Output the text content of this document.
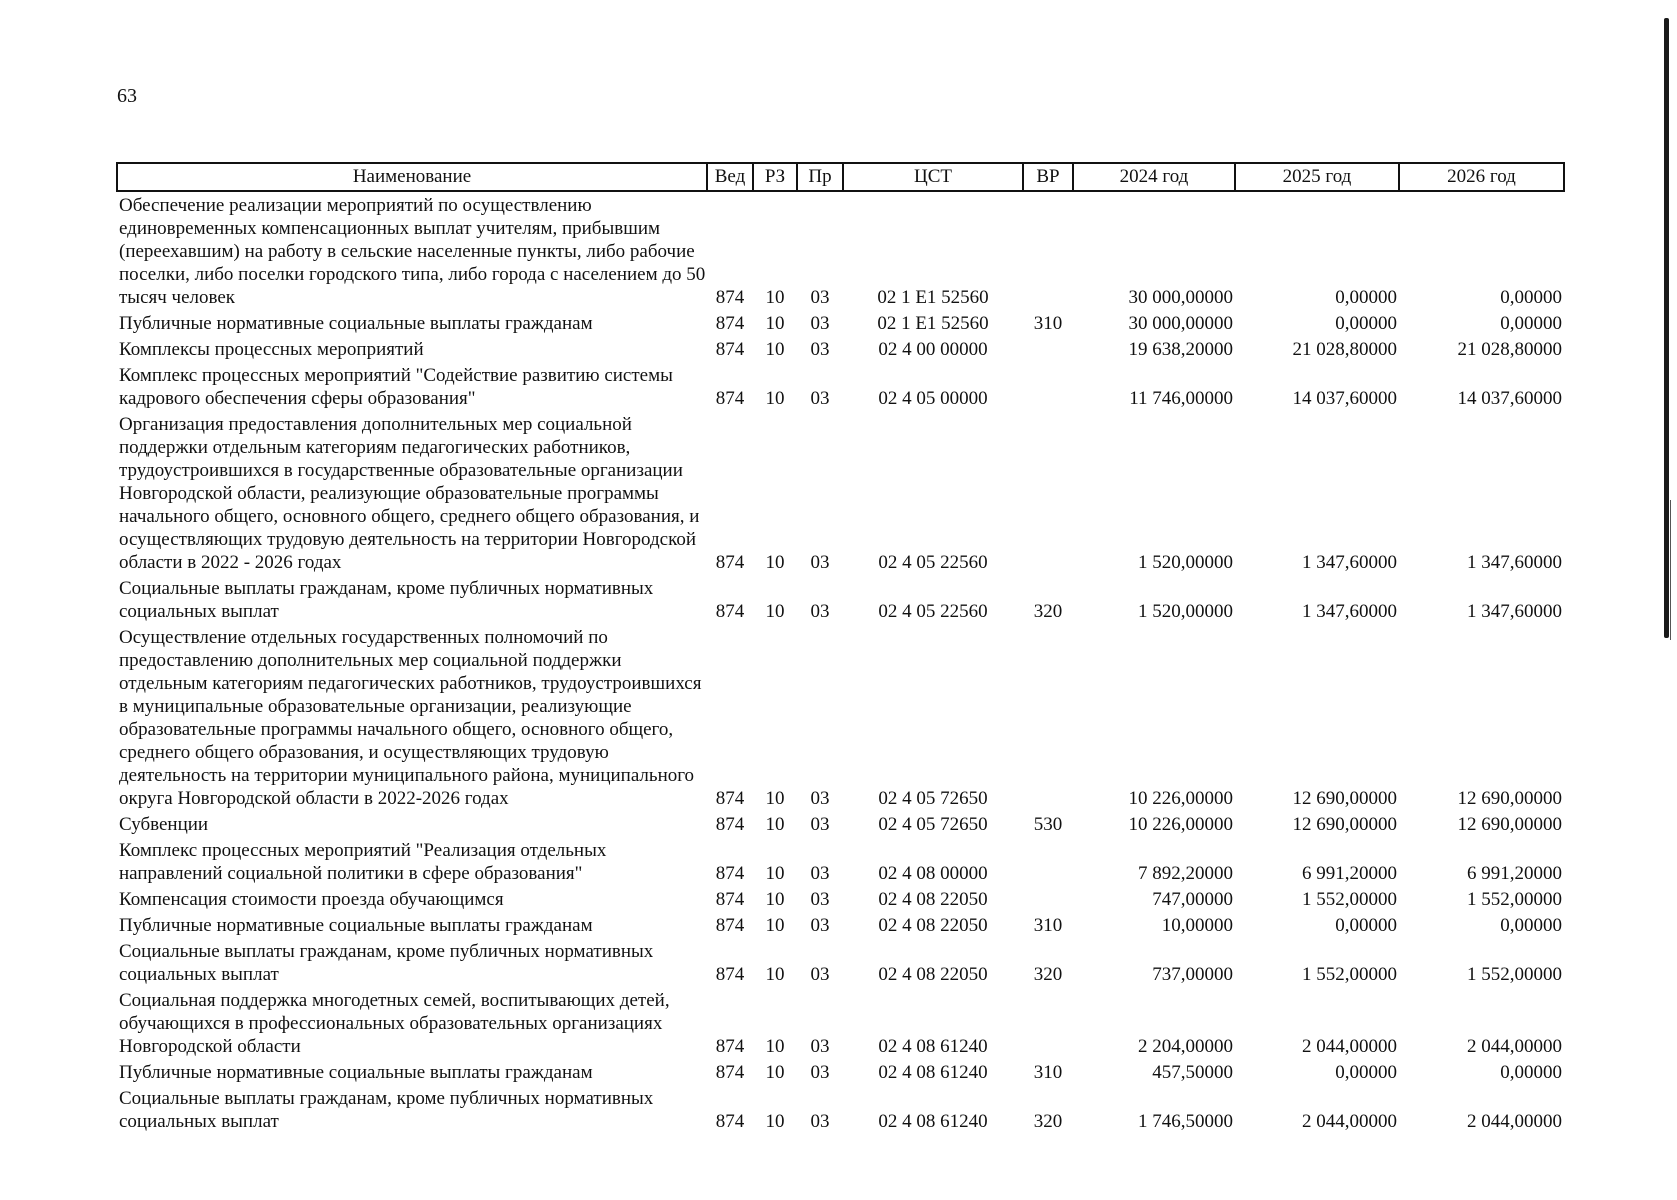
63
Наименование	Вед	РЗ	Пр	ЦСТ	ВР	2024 год	2025 год	2026 год
Обеспечение реализации мероприятий по осуществлению единовременных компенсационных выплат учителям, прибывшим (переехавшим) на работу в сельские населенные пункты, либо рабочие поселки, либо поселки городского типа, либо города с населением до 50 тысяч человек	874	10	03	02 1 E1 52560		30 000,00000	0,00000	0,00000
Публичные нормативные социальные выплаты гражданам	874	10	03	02 1 E1 52560	310	30 000,00000	0,00000	0,00000
Комплексы процессных мероприятий	874	10	03	02 4 00 00000		19 638,20000	21 028,80000	21 028,80000
Комплекс процессных мероприятий "Содействие развитию системы кадрового обеспечения сферы образования"	874	10	03	02 4 05 00000		11 746,00000	14 037,60000	14 037,60000
Организация предоставления дополнительных мер социальной поддержки отдельным категориям педагогических работников, трудоустроившихся в государственные образовательные организации Новгородской области, реализующие образовательные программы начального общего, основного общего, среднего общего образования, и осуществляющих трудовую деятельность на территории Новгородской области в 2022 - 2026 годах	874	10	03	02 4 05 22560		1 520,00000	1 347,60000	1 347,60000
Социальные выплаты гражданам, кроме публичных нормативных социальных выплат	874	10	03	02 4 05 22560	320	1 520,00000	1 347,60000	1 347,60000
Осуществление отдельных государственных полномочий по предоставлению дополнительных мер социальной поддержки отдельным категориям педагогических работников, трудоустроившихся в муниципальные образовательные организации, реализующие образовательные программы начального общего, основного общего, среднего общего образования, и осуществляющих трудовую деятельность на территории муниципального района, муниципального округа Новгородской области в 2022-2026 годах	874	10	03	02 4 05 72650		10 226,00000	12 690,00000	12 690,00000
Субвенции	874	10	03	02 4 05 72650	530	10 226,00000	12 690,00000	12 690,00000
Комплекс процессных мероприятий "Реализация отдельных направлений социальной политики в сфере образования"	874	10	03	02 4 08 00000		7 892,20000	6 991,20000	6 991,20000
Компенсация стоимости проезда обучающимся	874	10	03	02 4 08 22050		747,00000	1 552,00000	1 552,00000
Публичные нормативные социальные выплаты гражданам	874	10	03	02 4 08 22050	310	10,00000	0,00000	0,00000
Социальные выплаты гражданам, кроме публичных нормативных социальных выплат	874	10	03	02 4 08 22050	320	737,00000	1 552,00000	1 552,00000
Социальная поддержка многодетных семей, воспитывающих детей, обучающихся в профессиональных образовательных организациях Новгородской области	874	10	03	02 4 08 61240		2 204,00000	2 044,00000	2 044,00000
Публичные нормативные социальные выплаты гражданам	874	10	03	02 4 08 61240	310	457,50000	0,00000	0,00000
Социальные выплаты гражданам, кроме публичных нормативных социальных выплат	874	10	03	02 4 08 61240	320	1 746,50000	2 044,00000	2 044,00000
